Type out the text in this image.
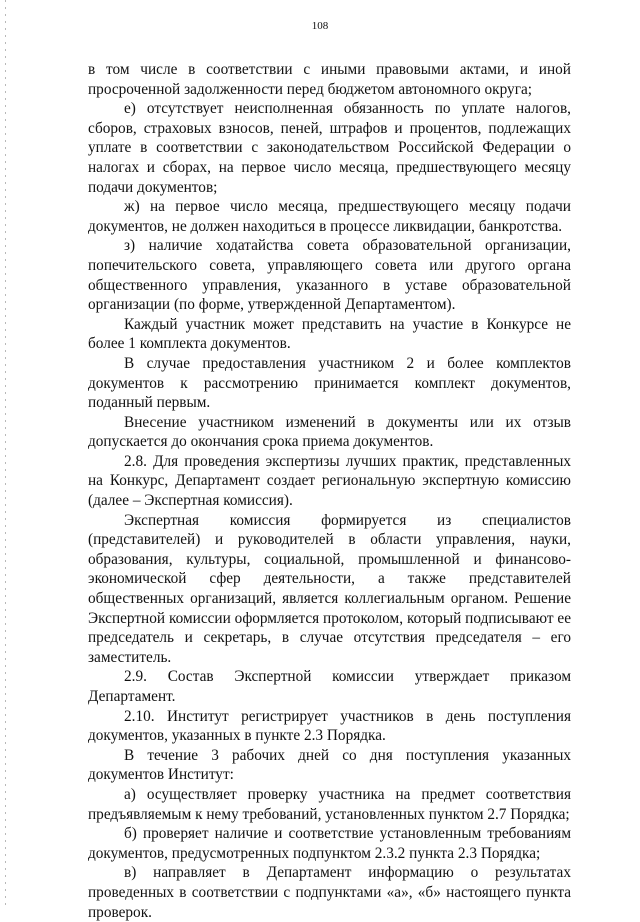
108

в том числе в соответствии с иными правовыми актами, и иной просроченной задолженности перед бюджетом автономного округа;

е) отсутствует неисполненная обязанность по уплате налогов, сборов, страховых взносов, пеней, штрафов и процентов, подлежащих уплате в соответствии с законодательством Российской Федерации о налогах и сборах, на первое число месяца, предшествующего месяцу подачи документов;

ж) на первое число месяца, предшествующего месяцу подачи документов, не должен находиться в процессе ликвидации, банкротства.

з) наличие ходатайства совета образовательной организации, попечительского совета, управляющего совета или другого органа общественного управления, указанного в уставе образовательной организации (по форме, утвержденной Департаментом).

Каждый участник может представить на участие в Конкурсе не более 1 комплекта документов.

В случае предоставления участником 2 и более комплектов документов к рассмотрению принимается комплект документов, поданный первым.

Внесение участником изменений в документы или их отзыв допускается до окончания срока приема документов.

2.8. Для проведения экспертизы лучших практик, представленных на Конкурс, Департамент создает региональную экспертную комиссию (далее – Экспертная комиссия).

Экспертная комиссия формируется из специалистов (представителей) и руководителей в области управления, науки, образования, культуры, социальной, промышленной и финансово-экономической сфер деятельности, а также представителей общественных организаций, является коллегиальным органом. Решение Экспертной комиссии оформляется протоколом, который подписывают ее председатель и секретарь, в случае отсутствия председателя – его заместитель.

2.9. Состав Экспертной комиссии утверждает приказом Департамент.

2.10. Институт регистрирует участников в день поступления документов, указанных в пункте 2.3 Порядка.

В течение 3 рабочих дней со дня поступления указанных документов Институт:

а) осуществляет проверку участника на предмет соответствия предъявляемым к нему требований, установленных пунктом 2.7 Порядка;

б) проверяет наличие и соответствие установленным требованиям документов, предусмотренных подпунктом 2.3.2 пункта 2.3 Порядка;

в) направляет в Департамент информацию о результатах проведенных в соответствии с подпунктами «а», «б» настоящего пункта проверок.
